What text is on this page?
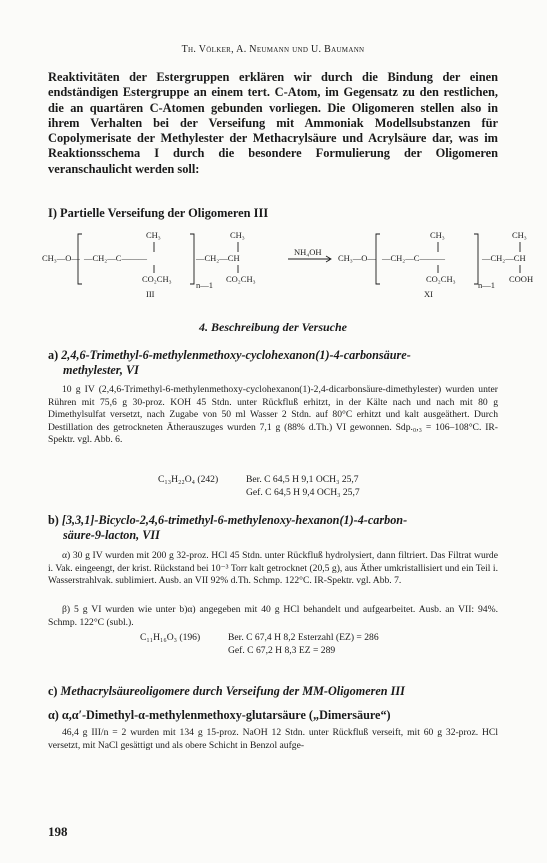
Th. Völker, A. Neumann und U. Baumann
Reaktivitäten der Estergruppen erklären wir durch die Bindung der einen endständigen Estergruppe an einem tert. C-Atom, im Gegensatz zu den restlichen, die an quartären C-Atomen gebunden vorliegen. Die Oligomeren stellen also in ihrem Verhalten bei der Verseifung mit Ammoniak Modellsubstanzen für Copolymerisate der Methylester der Methacrylsäure und Acrylsäure dar, was im Reaktionsschema I durch die besondere Formulierung der Oligomeren veranschaulicht werden soll:
I) Partielle Verseifung der Oligomeren III
CH₃—O—
CH₃
—CH₂—C———
CO₂CH₃
n—1
CH₃
—CH₂—CH
CO₂CH₃
III
NH₄OH
CH₃—O—
CH₃
—CH₂—C———
CO₂CH₃
n—1
CH₃
—CH₂—CH
COOH
XI
4. Beschreibung der Versuche
a) 2,4,6-Trimethyl-6-methylenmethoxy-cyclohexanon(1)-4-carbonsäure-
methylester, VI
10 g IV (2,4,6-Trimethyl-6-methylenmethoxy-cyclohexanon(1)-2,4-dicarbonsäure-dimethylester) wurden unter Rühren mit 75,6 g 30-proz. KOH 45 Stdn. unter Rückfluß erhitzt, in der Kälte nach und nach mit 80 g Dimethylsulfat versetzt, nach Zugabe von 50 ml Wasser 2 Stdn. auf 80°C erhitzt und kalt ausgeäthert. Durch Destillation des getrockneten Ätherauszuges wurden 7,1 g (88% d.Th.) VI gewonnen. Sdp.₀,₃ = 106–108°C. IR-Spektr. vgl. Abb. 6.
C₁₃H₂₂O₄ (242)	Ber. C 64,5 H 9,1 OCH₃ 25,7
Gef. C 64,5 H 9,4 OCH₃ 25,7
b) [3,3,1]-Bicyclo-2,4,6-trimethyl-6-methylenoxy-hexanon(1)-4-carbon-
säure-9-lacton, VII
α) 30 g IV wurden mit 200 g 32-proz. HCl 45 Stdn. unter Rückfluß hydrolysiert, dann filtriert. Das Filtrat wurde i. Vak. eingeengt, der krist. Rückstand bei 10⁻³ Torr kalt getrocknet (20,5 g), aus Äther umkristallisiert und ein Teil i. Wasserstrahlvak. sublimiert. Ausb. an VII 92% d.Th. Schmp. 122°C. IR-Spektr. vgl. Abb. 7.
β) 5 g VI wurden wie unter b)α) angegeben mit 40 g HCl behandelt und aufgearbeitet. Ausb. an VII: 94%. Schmp. 122°C (subl.).
C₁₁H₁₆O₃ (196)	Ber. C 67,4 H 8,2 Esterzahl (EZ) = 286
Gef. C 67,2 H 8,3 EZ = 289
c) Methacrylsäureoligomere durch Verseifung der MM-Oligomeren III
α) α,α′-Dimethyl-α-methylenmethoxy-glutarsäure („Dimersäure“)
46,4 g III/n = 2 wurden mit 134 g 15-proz. NaOH 12 Stdn. unter Rückfluß verseift, mit 60 g 32-proz. HCl versetzt, mit NaCl gesättigt und als obere Schicht in Benzol aufge-
198
